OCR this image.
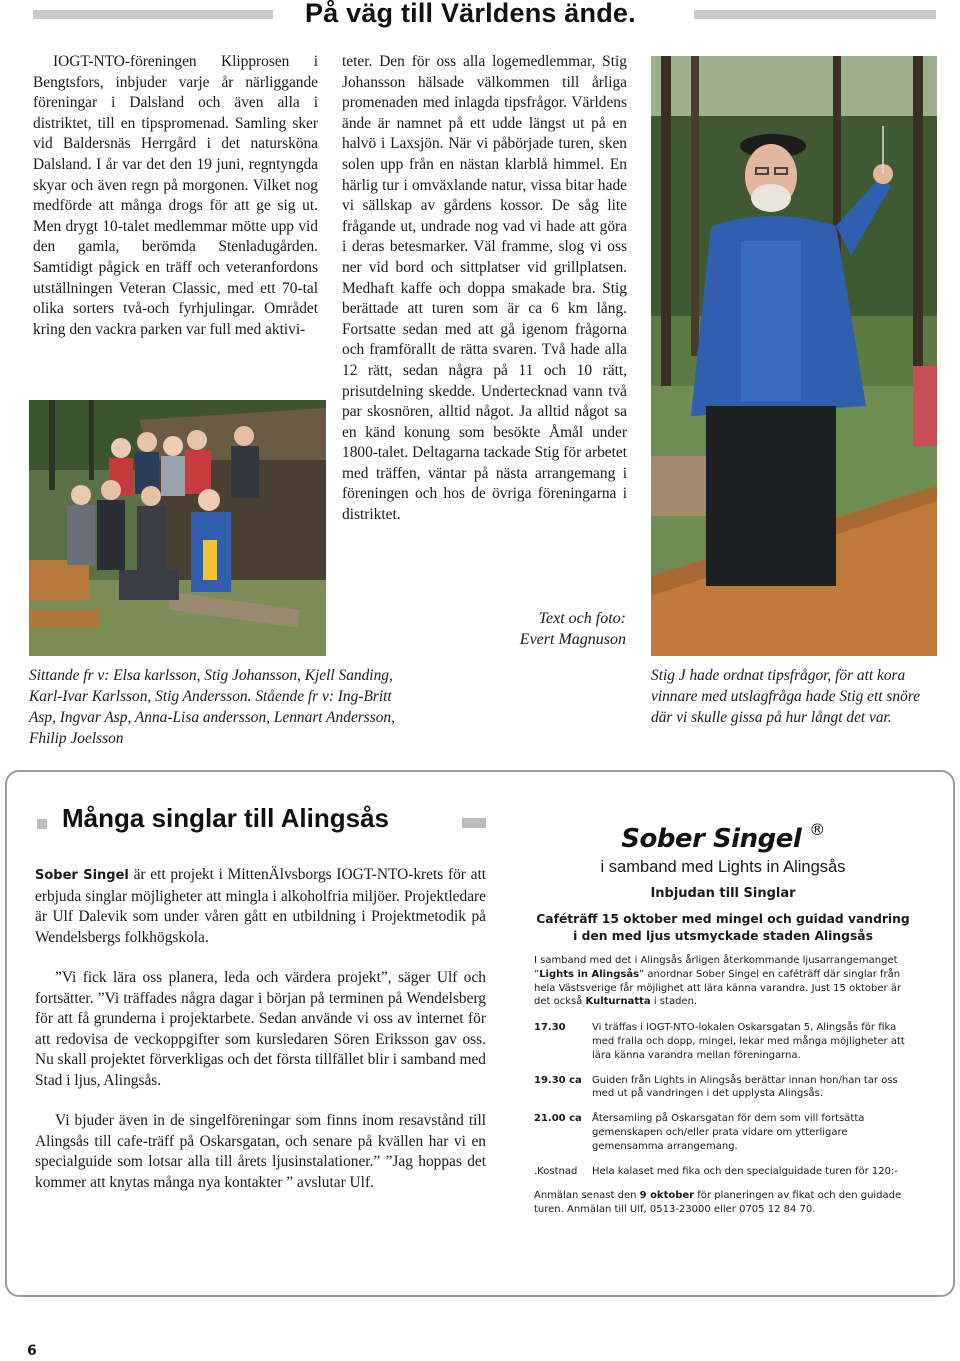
På väg till Världens ände.

IOGT-NTO-föreningen Klipprosen i Bengtsfors, inbjuder varje år närliggande föreningar i Dalsland och även alla i distriktet, till en tipspromenad. Samling sker vid Baldersnäs Herrgård i det natursköna Dalsland. I år var det den 19 juni, regntyngda skyar och även regn på morgonen. Vilket nog medförde att många drogs för att ge sig ut. Men drygt 10-talet medlemmar mötte upp vid den gamla, berömda Stenladugården. Samtidigt pågick en träff och veteranfordons utställningen Veteran Classic, med ett 70-tal olika sorters två-och fyrhjulingar. Området kring den vackra parken var full med aktivi-

Sittande fr v: Elsa karlsson, Stig Johansson, Kjell Sanding, Karl-Ivar Karlsson, Stig Andersson. Stående fr v: Ing-Britt Asp, Ingvar Asp, Anna-Lisa andersson, Lennart Andersson, Fhilip Joelsson

teter. Den för oss alla logemedlemmar, Stig Johansson hälsade välkommen till årliga promenaden med inlagda tipsfrågor. Världens ände är namnet på ett udde längst ut på en halvö i Laxsjön. När vi påbörjade turen, sken solen upp från en nästan klarblå himmel. En härlig tur i omväxlande natur, vissa bitar hade vi sällskap av gårdens kossor. De såg lite frågande ut, undrade nog vad vi hade att göra i deras betesmarker. Väl framme, slog vi oss ner vid bord och sittplatser vid grillplatsen. Medhaft kaffe och doppa smakade bra. Stig berättade att turen som är ca 6 km lång. Fortsatte sedan med att gå igenom frågorna och framförallt de rätta svaren. Två hade alla 12 rätt, sedan några på 11 och 10 rätt, prisutdelning skedde. Undertecknad vann två par skosnören, alltid något. Ja alltid något sa en känd konung som besökte Åmål under 1800-talet. Deltagarna tackade Stig för arbetet med träffen, väntar på nästa arrangemang i föreningen och hos de övriga föreningarna i distriktet.

Text och foto:
Evert Magnuson

Stig J hade ordnat tipsfrågor, för att kora vinnare med utslagfråga hade Stig ett snöre där vi skulle gissa på hur långt det var.

Många singlar till Alingsås

Sober Singel är ett projekt i MittenÄlvsborgs IOGT-NTO-krets för att erbjuda singlar möjligheter att mingla i alkoholfria miljöer. Projektledare är Ulf Dalevik som under våren gått en utbildning i Projektmetodik på Wendelsbergs folkhögskola.

”Vi fick lära oss planera, leda och värdera projekt”, säger Ulf och fortsätter. ”Vi träffades några dagar i början på terminen på Wendelsberg för att få grunderna i projektarbete. Sedan använde vi oss av internet för att redovisa de veckoppgifter som kursledaren Sören Eriksson gav oss. Nu skall projektet förverkligas och det första tillfället blir i samband med Stad i ljus, Alingsås.

Vi bjuder även in de singelföreningar som finns inom resavstånd till Alingsås till cafe-träff på Oskarsgatan, och senare på kvällen har vi en specialguide som lotsar alla till årets ljusinstalationer.” ”Jag hoppas det kommer att knytas många nya kontakter ” avslutar Ulf.

Sober Singel ®
i samband med Lights in Alingsås
Inbjudan till Singlar
Caféträff 15 oktober med mingel och guidad vandring i den med ljus utsmyckade staden Alingsås
I samband med det i Alingsås årligen återkommande ljusarrangemanget ”Lights in Alingsås” anordnar Sober Singel en caféträff där singlar från hela Västsverige får möjlighet att lära känna varandra. Just 15 oktober är det också Kulturnatta i staden.
17.30	Vi träffas i IOGT-NTO-lokalen Oskarsgatan 5, Alingsås för fika med fralla och dopp, mingel, lekar med många möjligheter att lära känna varandra mellan föreningarna.
19.30 ca	Guiden från Lights in Alingsås berättar innan hon/han tar oss med ut på vandringen i det upplysta Alingsås.
21.00 ca	Återsamling på Oskarsgatan för dem som vill fortsätta gemenskapen och/eller prata vidare om ytterligare gemensamma arrangemang.
.Kostnad	Hela kalaset med fika och den specialguidade turen för 120:-
Anmälan senast den 9 oktober för planeringen av fikat och den guidade turen. Anmälan till Ulf, 0513-23000 eller 0705 12 84 70.
6
